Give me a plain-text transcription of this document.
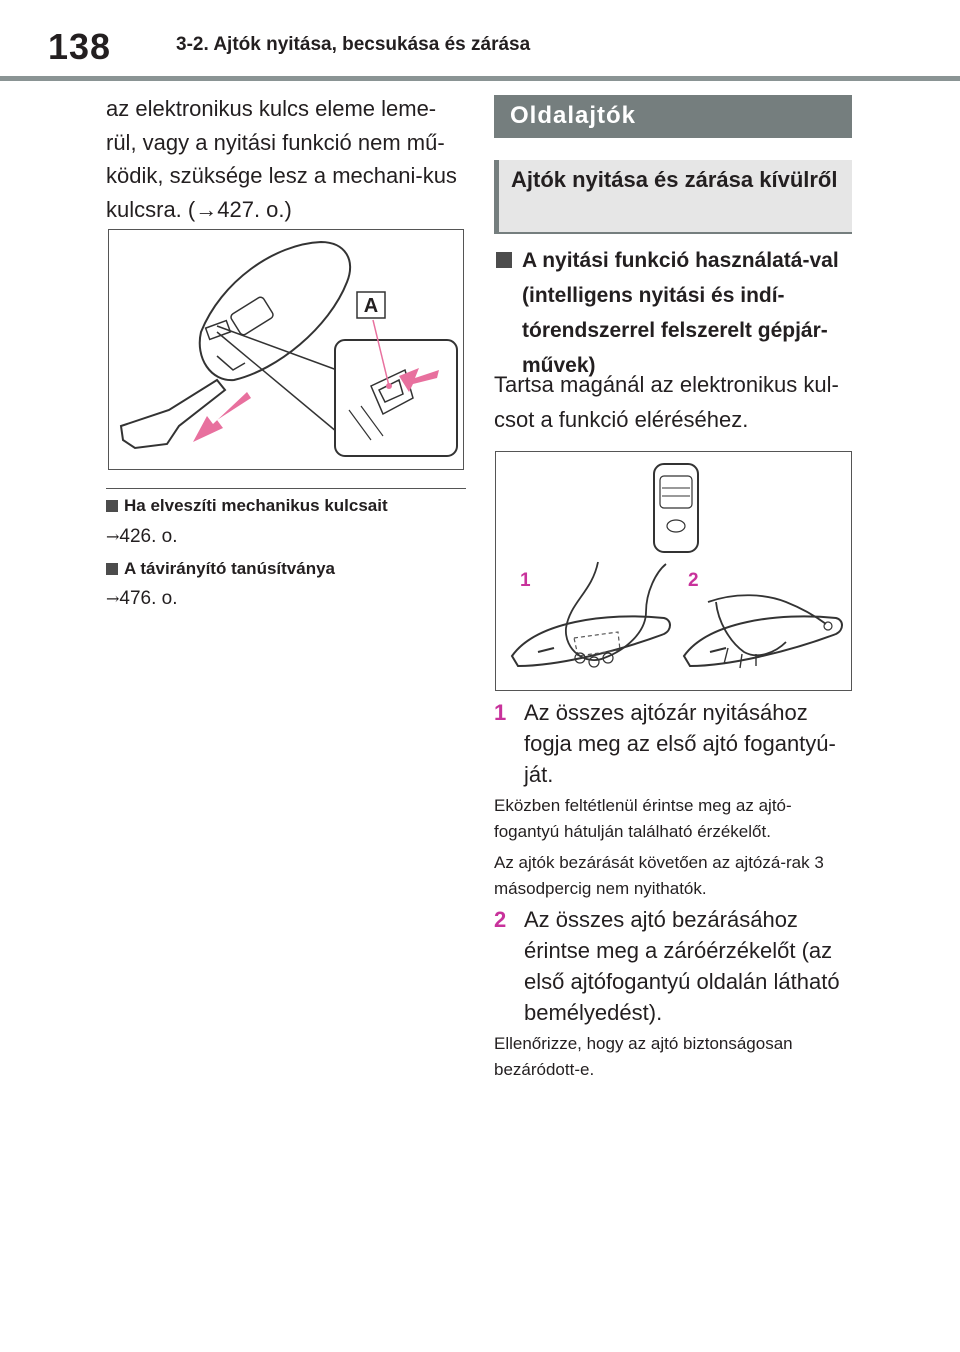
138	3-2. Ajtók nyitása, becsukása és zárása
az elektronikus kulcs eleme leme-rül, vagy a nyitási funkció nem mű-ködik, szüksége lesz a mechani-kus kulcsra. (→427. o.)
A
Ha elveszíti mechanikus kulcsait
→426. o.
A távirányító tanúsítványa
→476. o.
Oldalajtók
Ajtók nyitása és zárása kívülről
A nyitási funkció használatá-val (intelligens nyitási és indí-tórendszerrel felszerelt gépjár-művek)
Tartsa magánál az elektronikus kul-csot a funkció eléréséhez.
1	2
1 Az összes ajtózár nyitásához fogja meg az első ajtó fogantyú-ját.
Eközben feltétlenül érintse meg az ajtó-fogantyú hátulján található érzékelőt.
Az ajtók bezárását követően az ajtózá-rak 3 másodpercig nem nyithatók.
2 Az összes ajtó bezárásához érintse meg a záróérzékelőt (az első ajtófogantyú oldalán látható bemélyedést).
Ellenőrizze, hogy az ajtó biztonságosan bezáródott-e.
